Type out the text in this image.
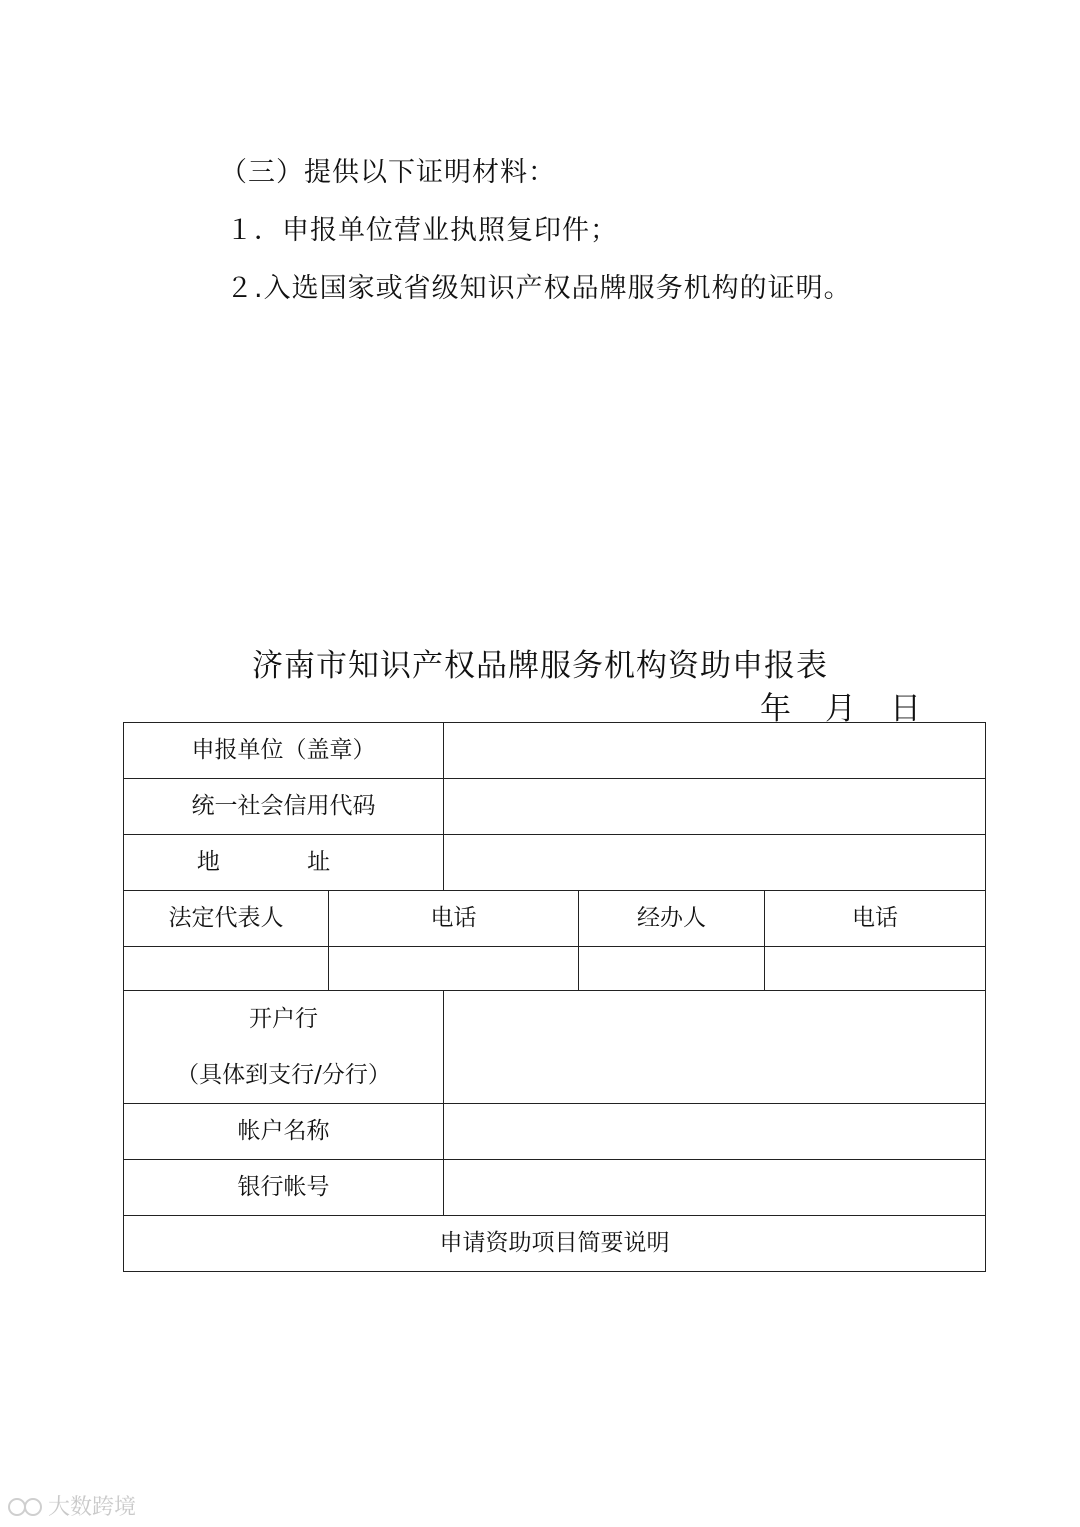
（三）提供以下证明材料：
１．申报单位营业执照复印件；
２.入选国家或省级知识产权品牌服务机构的证明。
济南市知识产权品牌服务机构资助申报表
年 月 日
申报单位（盖章）				
统一社会信用代码				
地 址				
法定代表人	电话		经办人	电话

开户行
（具体到支行/分行）				

帐户名称				
银行帐号				
申请资助项目简要说明				
大数跨境
